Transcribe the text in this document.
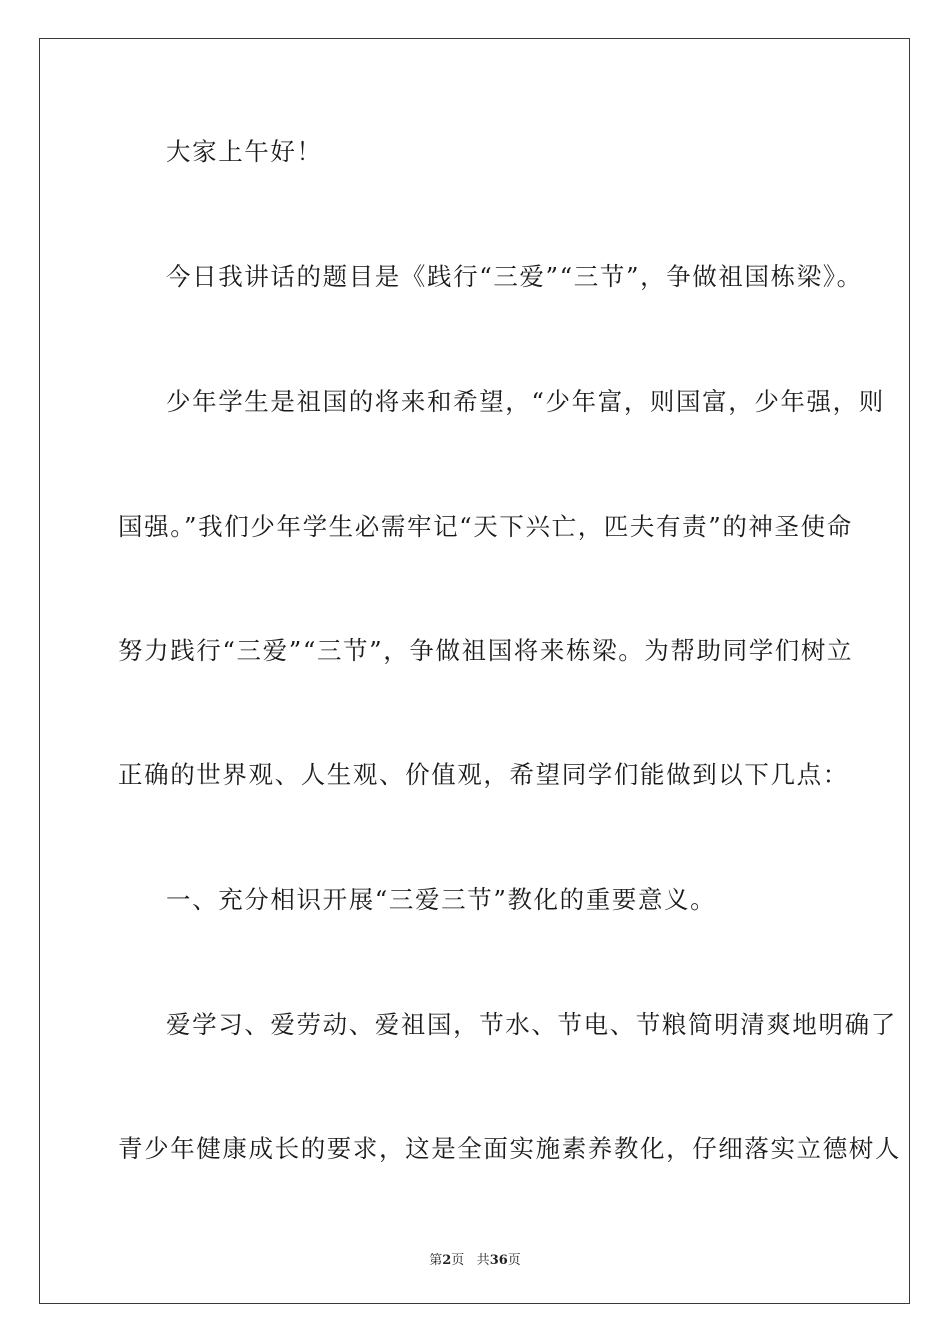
大家上午好！
今日我讲话的题目是《践行“三爱”“三节”，争做祖国栋梁》。
少年学生是祖国的将来和希望，“少年富，则国富，少年强，则
国强。”我们少年学生必需牢记“天下兴亡，匹夫有责”的神圣使命
努力践行“三爱”“三节”，争做祖国将来栋梁。为帮助同学们树立
正确的世界观、人生观、价值观，希望同学们能做到以下几点：
一、充分相识开展“三爱三节”教化的重要意义。
爱学习、爱劳动、爱祖国，节水、节电、节粮简明清爽地明确了
青少年健康成长的要求，这是全面实施素养教化，仔细落实立德树人
第2页 共36页
